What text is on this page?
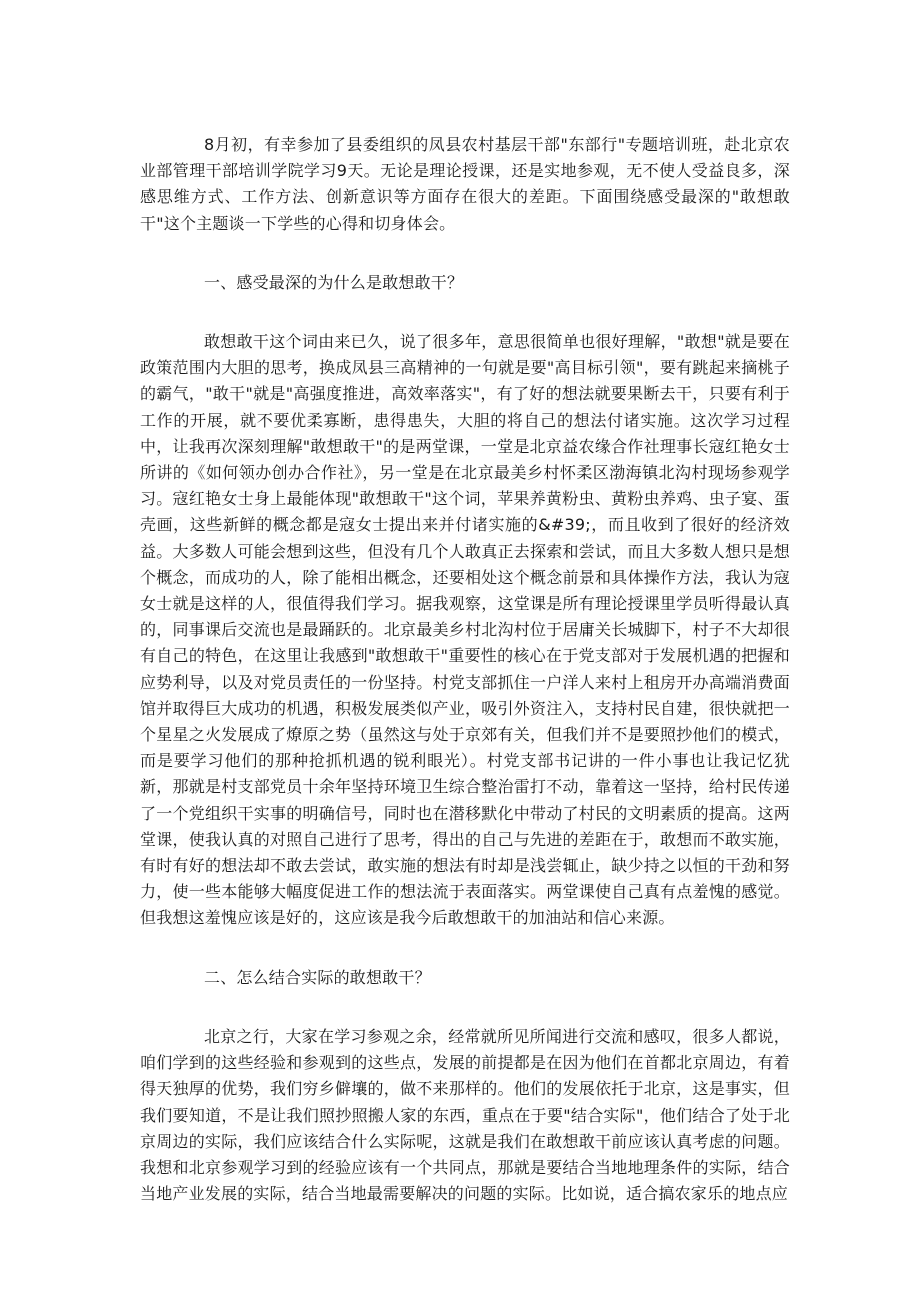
8月初，有幸参加了县委组织的凤县农村基层干部"东部行"专题培训班，赴北京农业部管理干部培训学院学习9天。无论是理论授课，还是实地参观，无不使人受益良多，深感思维方式、工作方法、创新意识等方面存在很大的差距。下面围绕感受最深的"敢想敢干"这个主题谈一下学些的心得和切身体会。

一、感受最深的为什么是敢想敢干？

敢想敢干这个词由来已久，说了很多年，意思很简单也很好理解，"敢想"就是要在政策范围内大胆的思考，换成凤县三高精神的一句就是要"高目标引领"，要有跳起来摘桃子的霸气，"敢干"就是"高强度推进，高效率落实"，有了好的想法就要果断去干，只要有利于工作的开展，就不要优柔寡断，患得患失，大胆的将自己的想法付诸实施。这次学习过程中，让我再次深刻理解"敢想敢干"的是两堂课，一堂是北京益农缘合作社理事长寇红艳女士所讲的《如何领办创办合作社》，另一堂是在北京最美乡村怀柔区渤海镇北沟村现场参观学习。寇红艳女士身上最能体现"敢想敢干"这个词，苹果养黄粉虫、黄粉虫养鸡、虫子宴、蛋壳画，这些新鲜的概念都是寇女士提出来并付诸实施的&#39;，而且收到了很好的经济效益。大多数人可能会想到这些，但没有几个人敢真正去探索和尝试，而且大多数人想只是想个概念，而成功的人，除了能相出概念，还要相处这个概念前景和具体操作方法，我认为寇女士就是这样的人，很值得我们学习。据我观察，这堂课是所有理论授课里学员听得最认真的，同事课后交流也是最踊跃的。北京最美乡村北沟村位于居庸关长城脚下，村子不大却很有自己的特色，在这里让我感到"敢想敢干"重要性的核心在于党支部对于发展机遇的把握和应势利导，以及对党员责任的一份坚持。村党支部抓住一户洋人来村上租房开办高端消费面馆并取得巨大成功的机遇，积极发展类似产业，吸引外资注入，支持村民自建，很快就把一个星星之火发展成了燎原之势（虽然这与处于京郊有关，但我们并不是要照抄他们的模式，而是要学习他们的那种抢抓机遇的锐利眼光）。村党支部书记讲的一件小事也让我记忆犹新，那就是村支部党员十余年坚持环境卫生综合整治雷打不动，靠着这一坚持，给村民传递了一个党组织干实事的明确信号，同时也在潜移默化中带动了村民的文明素质的提高。这两堂课，使我认真的对照自己进行了思考，得出的自己与先进的差距在于，敢想而不敢实施，有时有好的想法却不敢去尝试，敢实施的想法有时却是浅尝辄止，缺少持之以恒的干劲和努力，使一些本能够大幅度促进工作的想法流于表面落实。两堂课使自己真有点羞愧的感觉。但我想这羞愧应该是好的，这应该是我今后敢想敢干的加油站和信心来源。

二、怎么结合实际的敢想敢干？

北京之行，大家在学习参观之余，经常就所见所闻进行交流和感叹，很多人都说，咱们学到的这些经验和参观到的这些点，发展的前提都是在因为他们在首都北京周边，有着得天独厚的优势，我们穷乡僻壤的，做不来那样的。他们的发展依托于北京，这是事实，但我们要知道，不是让我们照抄照搬人家的东西，重点在于要"结合实际"，他们结合了处于北京周边的实际，我们应该结合什么实际呢，这就是我们在敢想敢干前应该认真考虑的问题。我想和北京参观学习到的经验应该有一个共同点，那就是要结合当地地理条件的实际，结合当地产业发展的实际，结合当地最需要解决的问题的实际。比如说，适合搞农家乐的地点应
